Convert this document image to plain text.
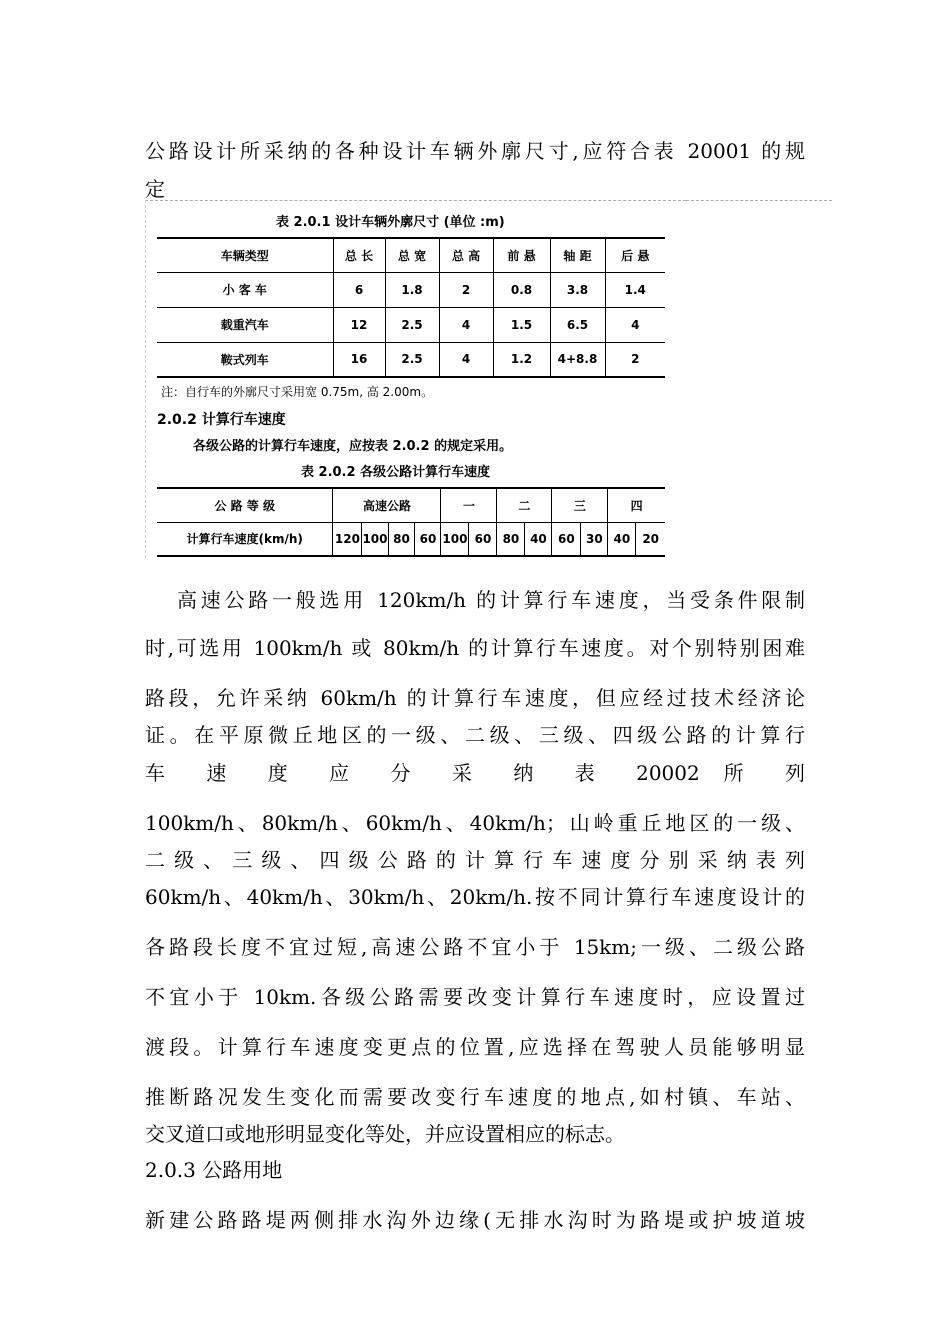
公路设计所采纳的各种设计车辆外廓尺寸,应符合表 20001 的规
定
表 2.0.1 设计车辆外廓尺寸 (单位 :m)
车辆类型	总 长	总 宽	总 高	前 悬	轴 距	后 悬
小 客 车	6	1.8	2	0.8	3.8	1.4
载重汽车	12	2.5	4	1.5	6.5	4
鞍式列车	16	2.5	4	1.2	4+8.8	2
注：自行车的外廓尺寸采用宽 0.75m, 高 2.00m。
2.0.2 计算行车速度
各级公路的计算行车速度，应按表 2.0.2 的规定采用。
表 2.0.2 各级公路计算行车速度
公 路 等 级	高速公路				一		二		三		四	
计算行车速度(km/h)	120	100	80	60	100	60	80	40	60	30	40	20
高速公路一般选用 120km/h 的计算行车速度，当受条件限制
时,可选用 100km/h 或 80km/h 的计算行车速度。对个别特别困难
路段，允许采纳 60km/h 的计算行车速度，但应经过技术经济论
证。在平原微丘地区的一级、二级、三级、四级公路的计算行
车 速 度 应 分 采 纳 表 20002 所 列
100km/h、80km/h、60km/h、40km/h；山岭重丘地区的一级、
二级、三级、四级公路的计算行车速度分别采纳表列
60km/h、40km/h、30km/h、20km/h.按不同计算行车速度设计的
各路段长度不宜过短,高速公路不宜小于 15km;一级、二级公路
不宜小于 10km.各级公路需要改变计算行车速度时，应设置过
渡段。计算行车速度变更点的位置,应选择在驾驶人员能够明显
推断路况发生变化而需要改变行车速度的地点,如村镇、车站、
交叉道口或地形明显变化等处，并应设置相应的标志。
2.0.3 公路用地
新建公路路堤两侧排水沟外边缘(无排水沟时为路堤或护坡道坡
